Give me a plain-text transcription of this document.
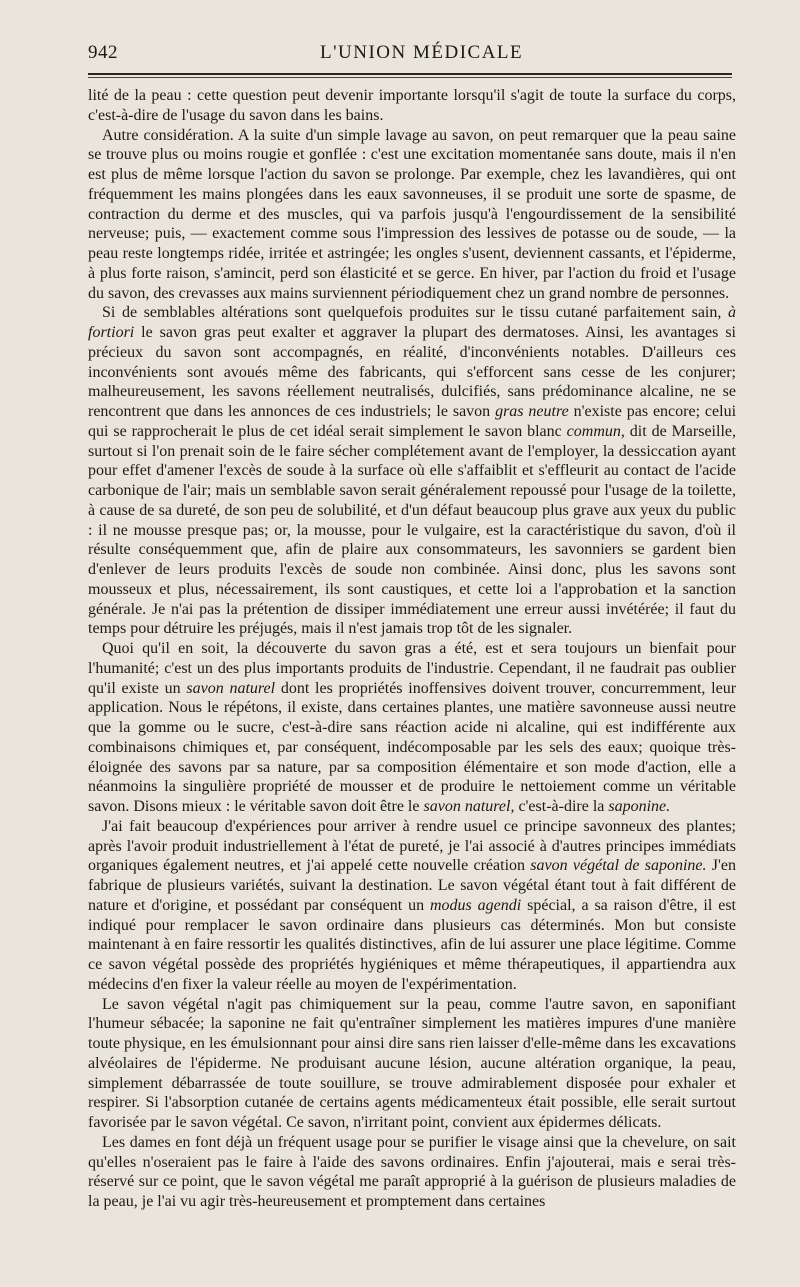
942	L'UNION MÉDICALE

lité de la peau : cette question peut devenir importante lorsqu'il s'agit de toute la surface du corps, c'est-à-dire de l'usage du savon dans les bains.

Autre considération. A la suite d'un simple lavage au savon, on peut remarquer que la peau saine se trouve plus ou moins rougie et gonflée : c'est une excitation momentanée sans doute, mais il n'en est plus de même lorsque l'action du savon se prolonge. Par exemple, chez les lavandières, qui ont fréquemment les mains plongées dans les eaux savonneuses, il se produit une sorte de spasme, de contraction du derme et des muscles, qui va parfois jusqu'à l'engourdissement de la sensibilité nerveuse; puis, — exactement comme sous l'impression des lessives de potasse ou de soude, — la peau reste longtemps ridée, irritée et astringée; les ongles s'usent, deviennent cassants, et l'épiderme, à plus forte raison, s'amincit, perd son élasticité et se gerce. En hiver, par l'action du froid et l'usage du savon, des crevasses aux mains surviennent périodiquement chez un grand nombre de personnes.

Si de semblables altérations sont quelquefois produites sur le tissu cutané parfaitement sain, à fortiori le savon gras peut exalter et aggraver la plupart des dermatoses. Ainsi, les avantages si précieux du savon sont accompagnés, en réalité, d'inconvénients notables. D'ailleurs ces inconvénients sont avoués même des fabricants, qui s'efforcent sans cesse de les conjurer; malheureusement, les savons réellement neutralisés, dulcifiés, sans prédominance alcaline, ne se rencontrent que dans les annonces de ces industriels; le savon gras neutre n'existe pas encore; celui qui se rapprocherait le plus de cet idéal serait simplement le savon blanc commun, dit de Marseille, surtout si l'on prenait soin de le faire sécher complétement avant de l'employer, la dessiccation ayant pour effet d'amener l'excès de soude à la surface où elle s'affaiblit et s'effleurit au contact de l'acide carbonique de l'air; mais un semblable savon serait généralement repoussé pour l'usage de la toilette, à cause de sa dureté, de son peu de solubilité, et d'un défaut beaucoup plus grave aux yeux du public : il ne mousse presque pas; or, la mousse, pour le vulgaire, est la caractéristique du savon, d'où il résulte conséquemment que, afin de plaire aux consommateurs, les savonniers se gardent bien d'enlever de leurs produits l'excès de soude non combinée. Ainsi donc, plus les savons sont mousseux et plus, nécessairement, ils sont caustiques, et cette loi a l'approbation et la sanction générale. Je n'ai pas la prétention de dissiper immédiatement une erreur aussi invétérée; il faut du temps pour détruire les préjugés, mais il n'est jamais trop tôt de les signaler.

Quoi qu'il en soit, la découverte du savon gras a été, est et sera toujours un bienfait pour l'humanité; c'est un des plus importants produits de l'industrie. Cependant, il ne faudrait pas oublier qu'il existe un savon naturel dont les propriétés inoffensives doivent trouver, concurremment, leur application. Nous le répétons, il existe, dans certaines plantes, une matière savonneuse aussi neutre que la gomme ou le sucre, c'est-à-dire sans réaction acide ni alcaline, qui est indifférente aux combinaisons chimiques et, par conséquent, indécomposable par les sels des eaux; quoique très-éloignée des savons par sa nature, par sa composition élémentaire et son mode d'action, elle a néanmoins la singulière propriété de mousser et de produire le nettoiement comme un véritable savon. Disons mieux : le véritable savon doit être le savon naturel, c'est-à-dire la saponine.

J'ai fait beaucoup d'expériences pour arriver à rendre usuel ce principe savonneux des plantes; après l'avoir produit industriellement à l'état de pureté, je l'ai associé à d'autres principes immédiats organiques également neutres, et j'ai appelé cette nouvelle création savon végétal de saponine. J'en fabrique de plusieurs variétés, suivant la destination. Le savon végétal étant tout à fait différent de nature et d'origine, et possédant par conséquent un modus agendi spécial, a sa raison d'être, il est indiqué pour remplacer le savon ordinaire dans plusieurs cas déterminés. Mon but consiste maintenant à en faire ressortir les qualités distinctives, afin de lui assurer une place légitime. Comme ce savon végétal possède des propriétés hygiéniques et même thérapeutiques, il appartiendra aux médecins d'en fixer la valeur réelle au moyen de l'expérimentation.

Le savon végétal n'agit pas chimiquement sur la peau, comme l'autre savon, en saponifiant l'humeur sébacée; la saponine ne fait qu'entraîner simplement les matières impures d'une manière toute physique, en les émulsionnant pour ainsi dire sans rien laisser d'elle-même dans les excavations alvéolaires de l'épiderme. Ne produisant aucune lésion, aucune altération organique, la peau, simplement débarrassée de toute souillure, se trouve admirablement disposée pour exhaler et respirer. Si l'absorption cutanée de certains agents médicamenteux était possible, elle serait surtout favorisée par le savon végétal. Ce savon, n'irritant point, convient aux épidermes délicats.

Les dames en font déjà un fréquent usage pour se purifier le visage ainsi que la chevelure, on sait qu'elles n'oseraient pas le faire à l'aide des savons ordinaires. Enfin j'ajouterai, mais e serai très-réservé sur ce point, que le savon végétal me paraît approprié à la guérison de plusieurs maladies de la peau, je l'ai vu agir très-heureusement et promptement dans certaines
